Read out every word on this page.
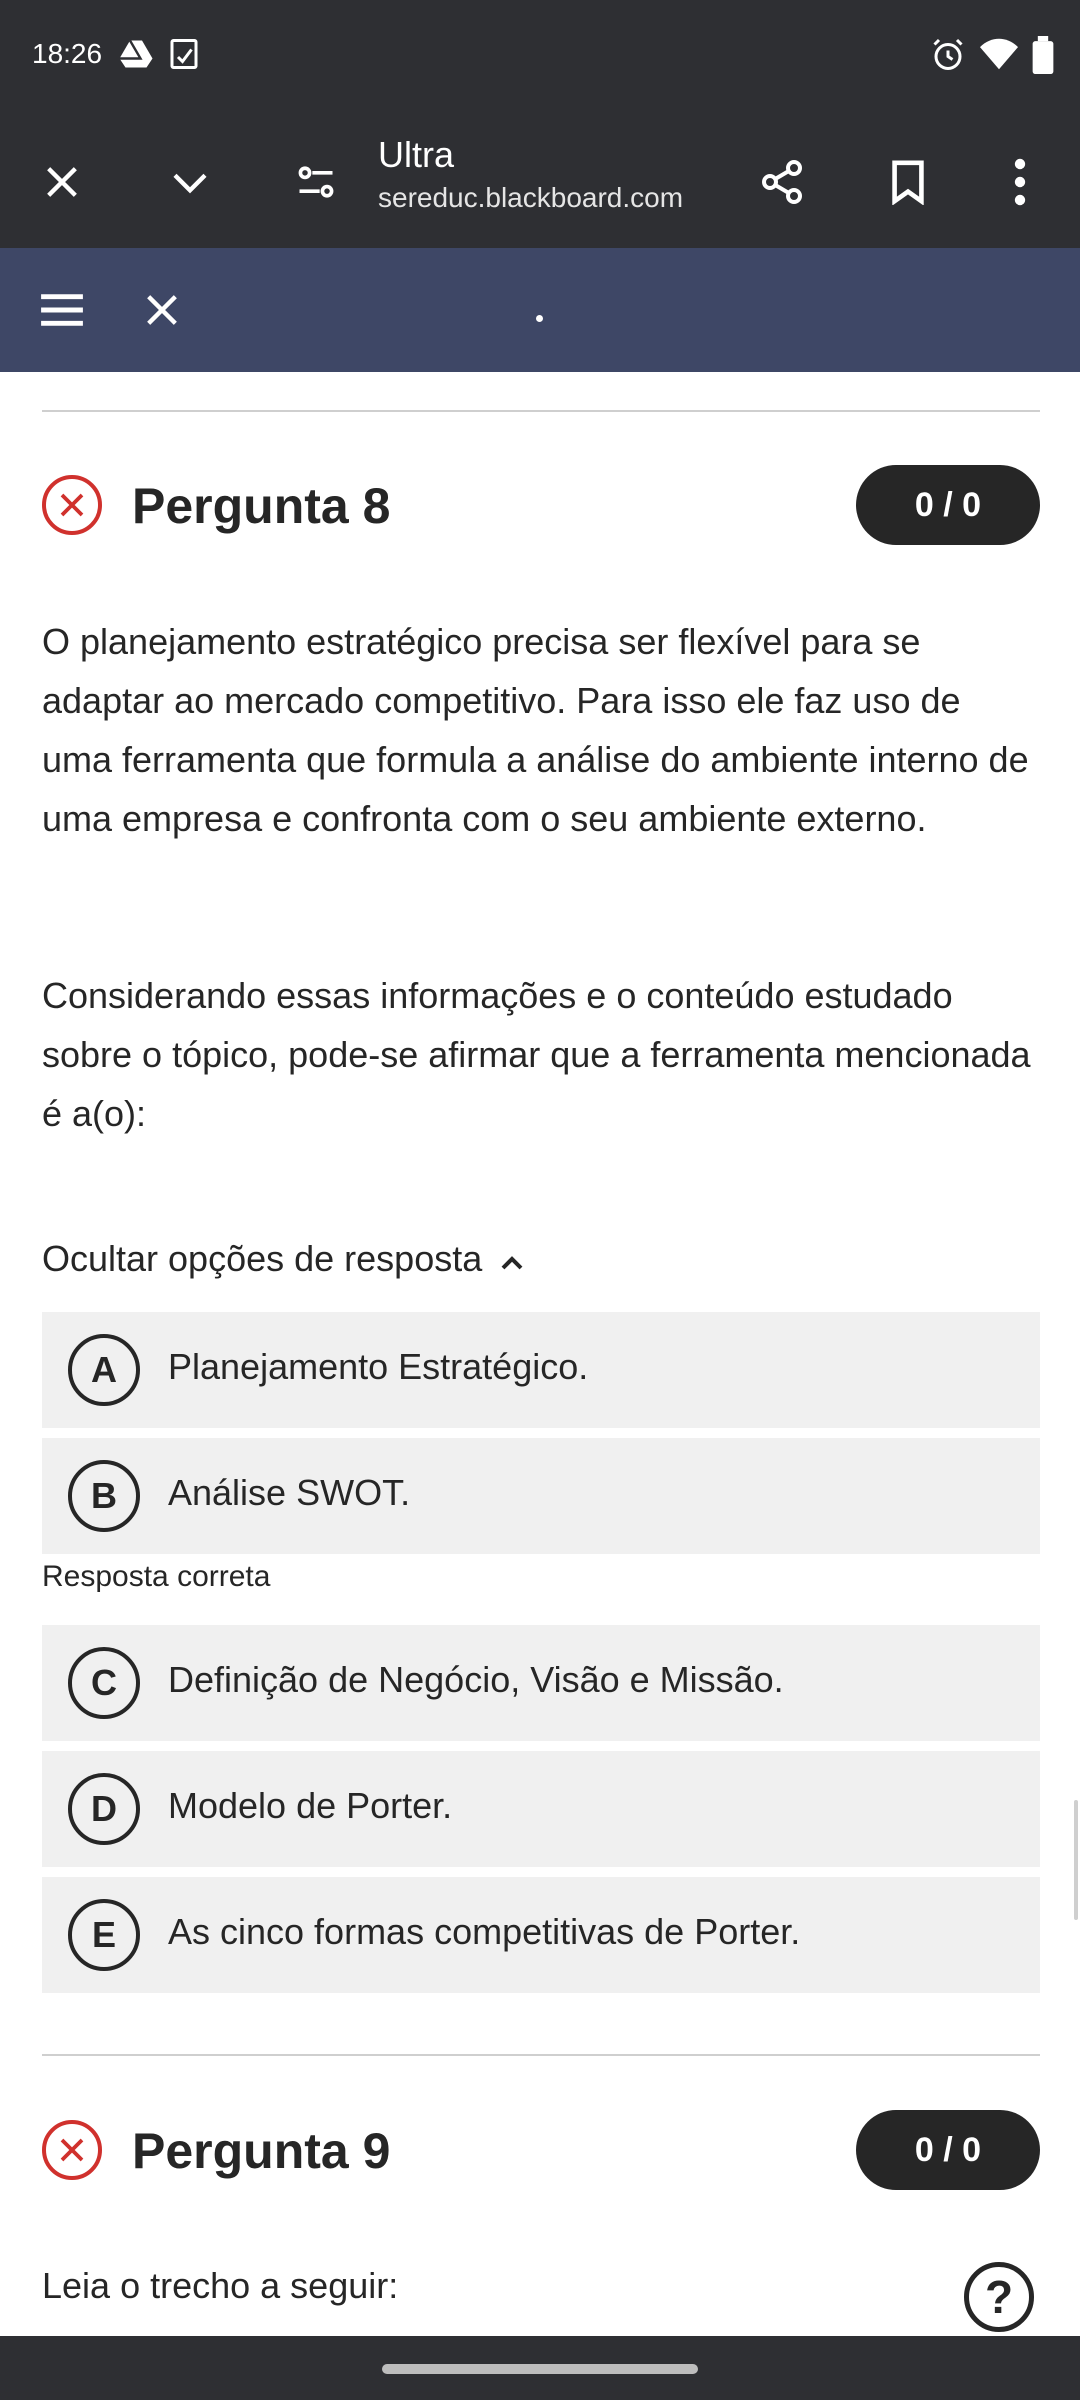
18:26
Ultra
sereduc.blackboard.com
Pergunta 8	0 / 0

O planejamento estratégico precisa ser flexível para se adaptar ao mercado competitivo. Para isso ele faz uso de uma ferramenta que formula a análise do ambiente interno de uma empresa e confronta com o seu ambiente externo.

Considerando essas informações e o conteúdo estudado sobre o tópico, pode-se afirmar que a ferramenta mencionada é a(o):

Ocultar opções de resposta
A	Planejamento Estratégico.
B	Análise SWOT.
Resposta correta
C	Definição de Negócio, Visão e Missão.
D	Modelo de Porter.
E	As cinco formas competitivas de Porter.
Pergunta 9	0 / 0

Leia o trecho a seguir:	?
